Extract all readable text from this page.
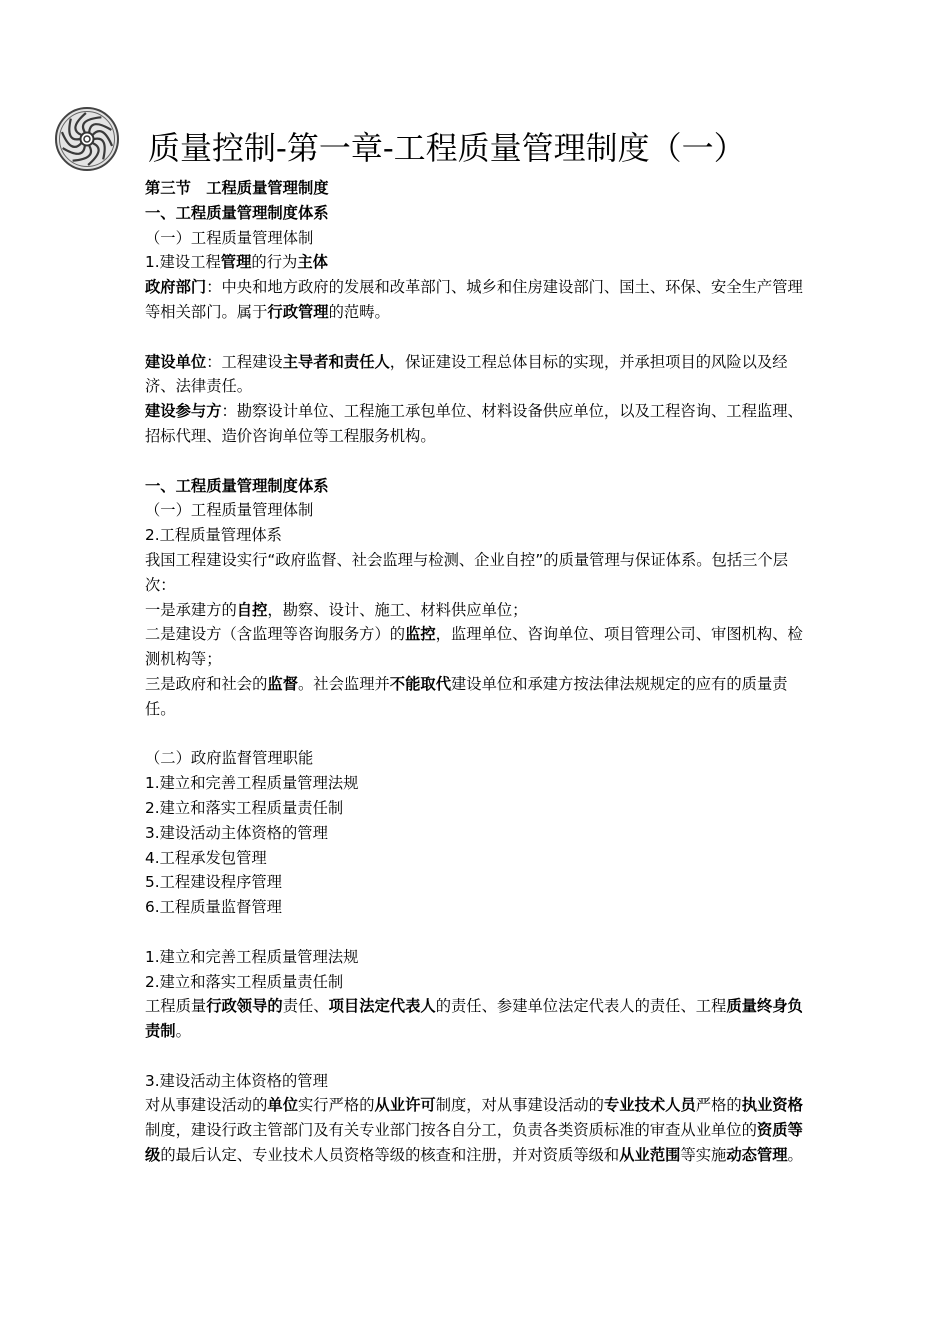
质量控制-第一章-工程质量管理制度（一）

第三节　工程质量管理制度

一、工程质量管理制度体系

（一）工程质量管理体制

1.建设工程管理的行为主体

政府部门：中央和地方政府的发展和改革部门、城乡和住房建设部门、国土、环保、安全生产管理等相关部门。属于行政管理的范畴。

建设单位：工程建设主导者和责任人，保证建设工程总体目标的实现，并承担项目的风险以及经济、法律责任。

建设参与方：勘察设计单位、工程施工承包单位、材料设备供应单位，以及工程咨询、工程监理、招标代理、造价咨询单位等工程服务机构。

一、工程质量管理制度体系

（一）工程质量管理体制

2.工程质量管理体系

我国工程建设实行“政府监督、社会监理与检测、企业自控”的质量管理与保证体系。包括三个层次：

一是承建方的自控，勘察、设计、施工、材料供应单位；

二是建设方（含监理等咨询服务方）的监控，监理单位、咨询单位、项目管理公司、审图机构、检测机构等；

三是政府和社会的监督。社会监理并不能取代建设单位和承建方按法律法规规定的应有的质量责任。

（二）政府监督管理职能

1.建立和完善工程质量管理法规

2.建立和落实工程质量责任制

3.建设活动主体资格的管理

4.工程承发包管理

5.工程建设程序管理

6.工程质量监督管理

1.建立和完善工程质量管理法规

2.建立和落实工程质量责任制

工程质量行政领导的责任、项目法定代表人的责任、参建单位法定代表人的责任、工程质量终身负责制。

3.建设活动主体资格的管理

对从事建设活动的单位实行严格的从业许可制度，对从事建设活动的专业技术人员严格的执业资格制度，建设行政主管部门及有关专业部门按各自分工，负责各类资质标准的审查从业单位的资质等级的最后认定、专业技术人员资格等级的核查和注册，并对资质等级和从业范围等实施动态管理。
